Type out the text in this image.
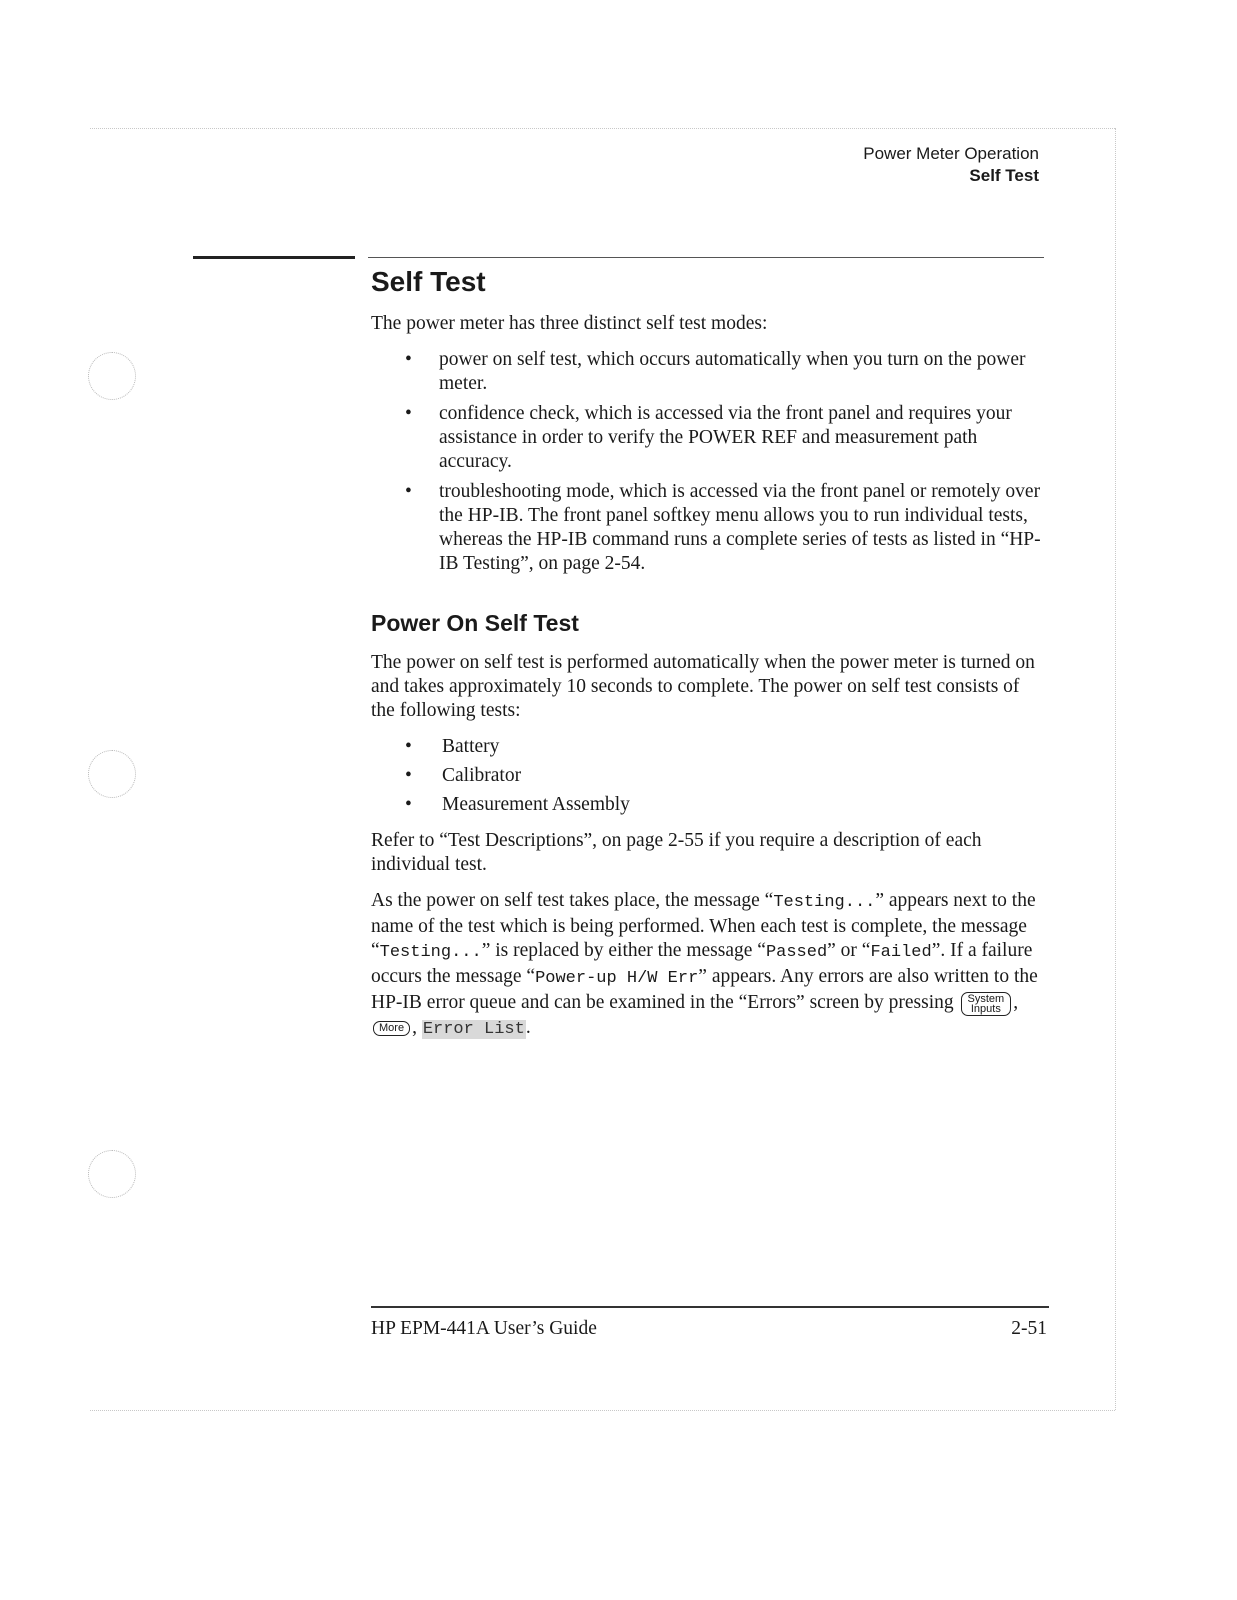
Power Meter Operation
Self Test
Self Test

The power meter has three distinct self test modes:

• power on self test, which occurs automatically when you turn on the power meter.
• confidence check, which is accessed via the front panel and requires your assistance in order to verify the POWER REF and measurement path accuracy.
• troubleshooting mode, which is accessed via the front panel or remotely over the HP-IB. The front panel softkey menu allows you to run individual tests, whereas the HP-IB command runs a complete series of tests as listed in “HP-IB Testing”, on page 2-54.
Power On Self Test

The power on self test is performed automatically when the power meter is turned on and takes approximately 10 seconds to complete. The power on self test consists of the following tests:

• Battery
• Calibrator
• Measurement Assembly

Refer to “Test Descriptions”, on page 2-55 if you require a description of each individual test.

As the power on self test takes place, the message “Testing...” appears next to the name of the test which is being performed. When each test is complete, the message “Testing...” is replaced by either the message “Passed” or “Failed”. If a failure occurs the message “Power-up H/W Err” appears. Any errors are also written to the HP-IB error queue and can be examined in the “Errors” screen by pressing System
Inputs , More , Error List.

HP EPM-441A User’s Guide	2-51
